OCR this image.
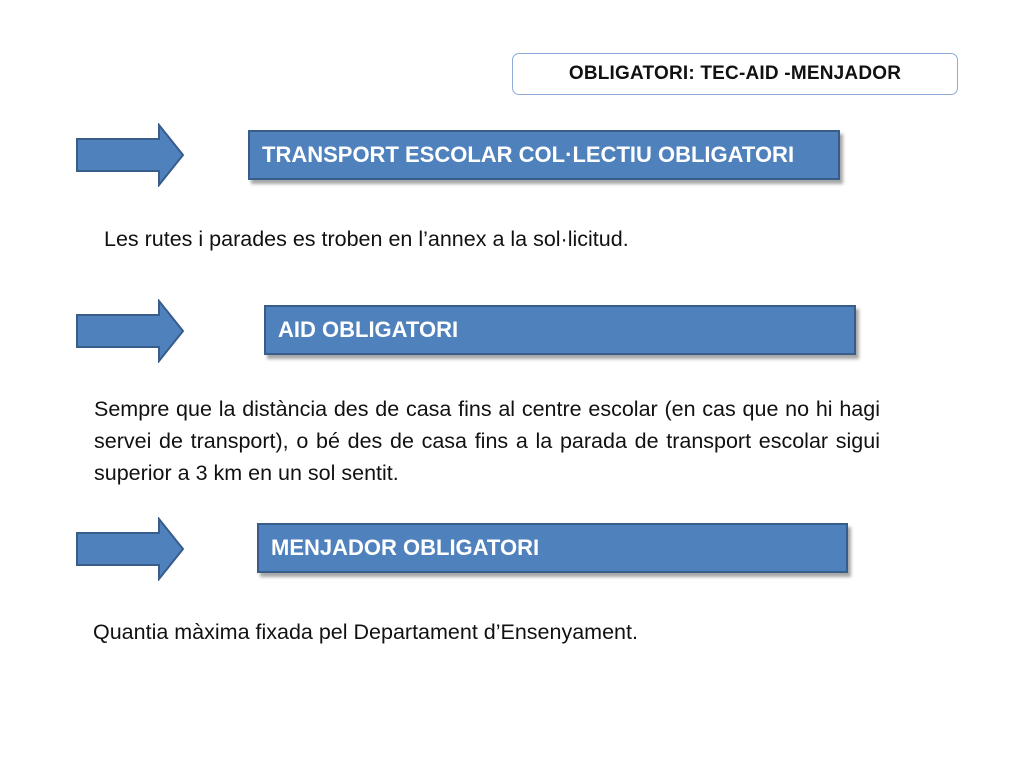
OBLIGATORI: TEC-AID -MENJADOR
TRANSPORT ESCOLAR COL·LECTIU OBLIGATORI
Les rutes i parades es troben en l’annex a la sol·licitud.
AID OBLIGATORI
Sempre que la distància des de casa fins al centre escolar (en cas que no hi hagi servei de transport), o bé des de casa fins a la parada de transport escolar sigui superior a 3 km en un sol sentit.
MENJADOR OBLIGATORI
Quantia màxima fixada pel Departament d’Ensenyament.
